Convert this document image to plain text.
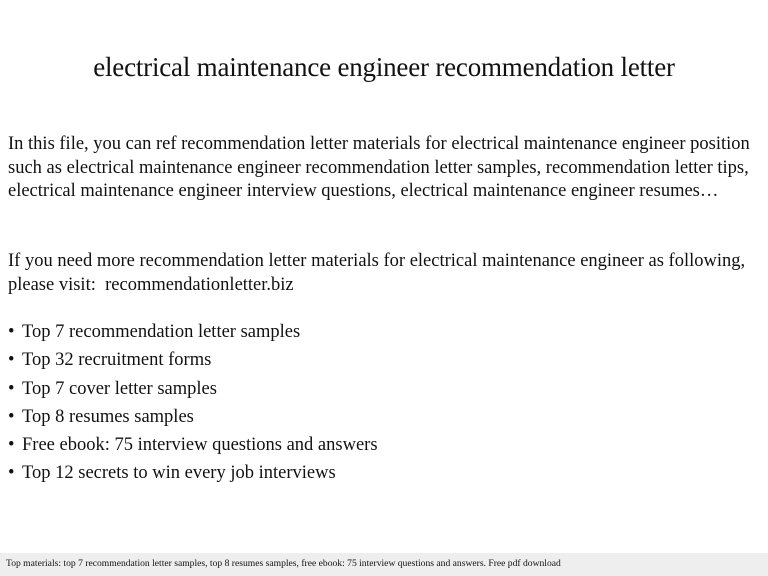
electrical maintenance engineer recommendation letter

In this file, you can ref recommendation letter materials for electrical maintenance engineer position such as electrical maintenance engineer recommendation letter samples, recommendation letter tips, electrical maintenance engineer interview questions, electrical maintenance engineer resumes…

If you need more recommendation letter materials for electrical maintenance engineer as following, please visit:  recommendationletter.biz

• Top 7 recommendation letter samples
• Top 32 recruitment forms
• Top 7 cover letter samples
• Top 8 resumes samples
• Free ebook: 75 interview questions and answers
• Top 12 secrets to win every job interviews
Top materials: top 7 recommendation letter samples, top 8 resumes samples, free ebook: 75 interview questions and answers. Free pdf download
